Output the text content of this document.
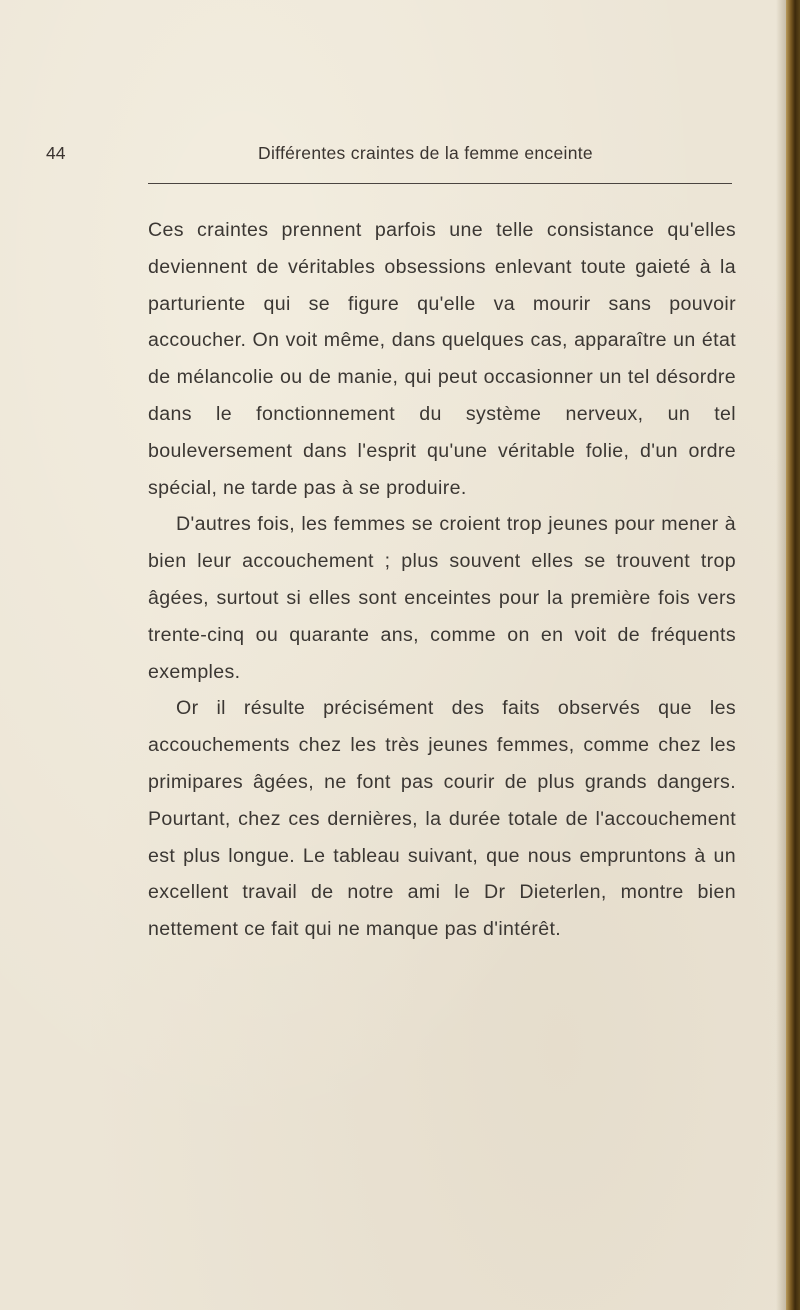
44	Différentes craintes de la femme enceinte

Ces craintes prennent parfois une telle consistance qu'elles deviennent de véritables obsessions enlevant toute gaieté à la parturiente qui se figure qu'elle va mourir sans pouvoir accoucher. On voit même, dans quelques cas, apparaître un état de mélancolie ou de manie, qui peut occasionner un tel désordre dans le fonctionnement du système nerveux, un tel bouleversement dans l'esprit qu'une véritable folie, d'un ordre spécial, ne tarde pas à se produire.

D'autres fois, les femmes se croient trop jeunes pour mener à bien leur accouchement ; plus souvent elles se trouvent trop âgées, surtout si elles sont enceintes pour la première fois vers trente-cinq ou quarante ans, comme on en voit de fréquents exemples.

Or il résulte précisément des faits observés que les accouchements chez les très jeunes femmes, comme chez les primipares âgées, ne font pas courir de plus grands dangers. Pourtant, chez ces dernières, la durée totale de l'accouchement est plus longue. Le tableau suivant, que nous empruntons à un excellent travail de notre ami le Dr Dieterlen, montre bien nettement ce fait qui ne manque pas d'intérêt.
